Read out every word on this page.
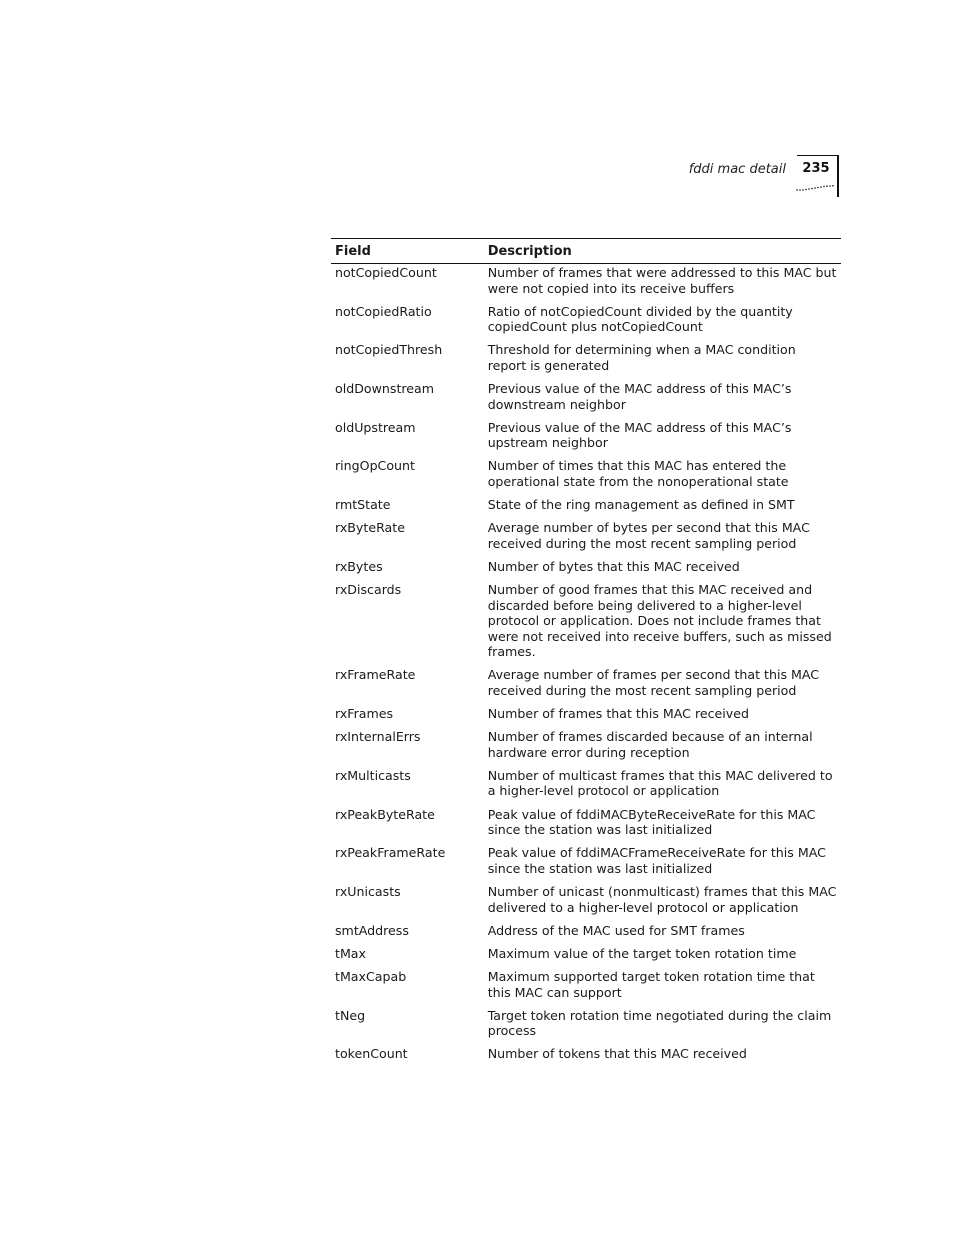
fddi mac detail	235
Field	Description
notCopiedCount	Number of frames that were addressed to this MAC but were not copied into its receive buffers
notCopiedRatio	Ratio of notCopiedCount divided by the quantity copiedCount plus notCopiedCount
notCopiedThresh	Threshold for determining when a MAC condition report is generated
oldDownstream	Previous value of the MAC address of this MAC’s downstream neighbor
oldUpstream	Previous value of the MAC address of this MAC’s upstream neighbor
ringOpCount	Number of times that this MAC has entered the operational state from the nonoperational state
rmtState	State of the ring management as defined in SMT
rxByteRate	Average number of bytes per second that this MAC received during the most recent sampling period
rxBytes	Number of bytes that this MAC received
rxDiscards	Number of good frames that this MAC received and discarded before being delivered to a higher-level protocol or application. Does not include frames that were not received into receive buffers, such as missed frames.
rxFrameRate	Average number of frames per second that this MAC received during the most recent sampling period
rxFrames	Number of frames that this MAC received
rxInternalErrs	Number of frames discarded because of an internal hardware error during reception
rxMulticasts	Number of multicast frames that this MAC delivered to a higher-level protocol or application
rxPeakByteRate	Peak value of fddiMACByteReceiveRate for this MAC since the station was last initialized
rxPeakFrameRate	Peak value of fddiMACFrameReceiveRate for this MAC since the station was last initialized
rxUnicasts	Number of unicast (nonmulticast) frames that this MAC delivered to a higher-level protocol or application
smtAddress	Address of the MAC used for SMT frames
tMax	Maximum value of the target token rotation time
tMaxCapab	Maximum supported target token rotation time that this MAC can support
tNeg	Target token rotation time negotiated during the claim process
tokenCount	Number of tokens that this MAC received
